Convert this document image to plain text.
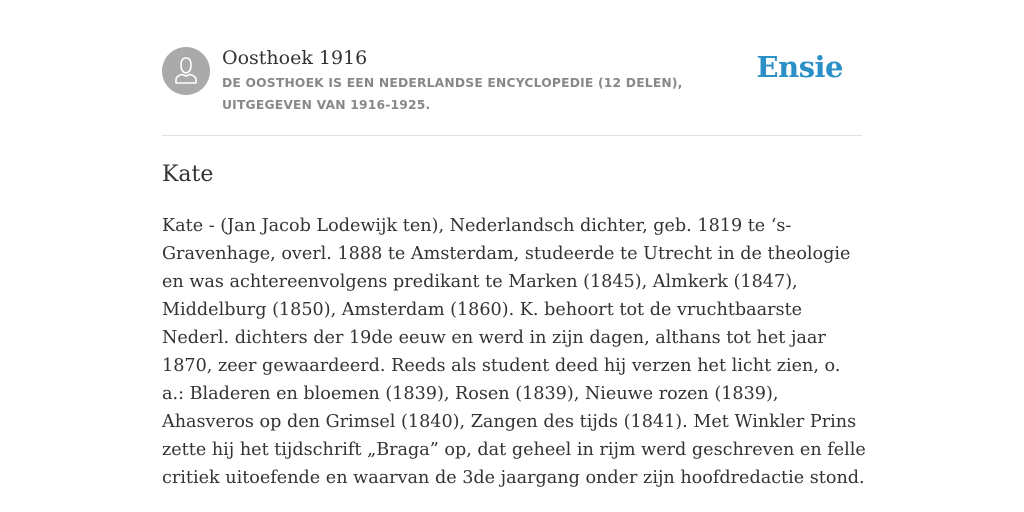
Oosthoek 1916
DE OOSTHOEK IS EEN NEDERLANDSE ENCYCLOPEDIE (12 DELEN), UITGEGEVEN VAN 1916-1925.
Ensie
Kate

Kate - (Jan Jacob Lodewijk ten), Nederlandsch dichter, geb. 1819 te ‘s-Gravenhage, overl. 1888 te Amsterdam, studeerde te Utrecht in de theologie en was achtereenvolgens predikant te Marken (1845), Almkerk (1847), Middelburg (1850), Amsterdam (1860). K. behoort tot de vruchtbaarste Nederl. dichters der 19de eeuw en werd in zijn dagen, althans tot het jaar 1870, zeer gewaardeerd. Reeds als student deed hij verzen het licht zien, o. a.: Bladeren en bloemen (1839), Rosen (1839), Nieuwe rozen (1839), Ahasveros op den Grimsel (1840), Zangen des tijds (1841). Met Winkler Prins zette hij het tijdschrift „Braga” op, dat geheel in rijm werd geschreven en felle critiek uitoefende en waarvan de 3de jaargang onder zijn hoofdredactie stond.
